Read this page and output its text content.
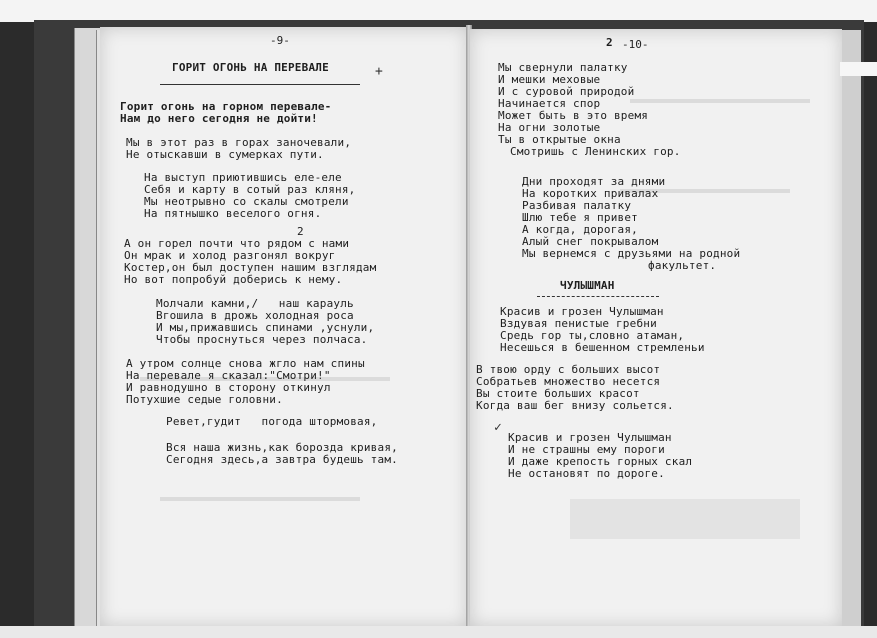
-9-
+
ГОРИТ ОГОНЬ НА ПЕРЕВАЛЕ
Горит огонь на горном перевале-
Нам до него сегодня не дойти!
Мы в этот раз в горах заночевали,
Не отыскавши в сумерках пути.
На выступ приютившись еле-еле
Себя и карту в сотый раз кляня,
Мы неотрывно со скалы смотрели
На пятнышко веселого огня.
2
А он горел почти что рядом с нами
Он мрак и холод разгонял вокруг
Костер,он был доступен нашим взглядам
Но вот попробуй доберись к нему.
Молчали камни,/   наш карауль
Вгошила в дрожь холодная роса
И мы,прижавшись спинами ,уснули,
Чтобы проснуться через полчаса.
А утром солнце снова жгло нам спины
На перевале я сказал:"Смотри!"
И равнодушно в сторону откинул
Потухшие седые головни.
Ревет,гудит   погода штормовая,
Вся наша жизнь,как борозда кривая,
Сегодня здесь,а завтра будешь там.
2 -10-
Мы свернули палатку
И мешки меховые
И с суровой природой
Начинается спор
Может быть в это время
На огни золотые
Ты в открытые окна
Смотришь с Ленинских гор.
Дни проходят за днями
На коротких привалах
Разбивая палатку
Шлю тебе я привет
А когда, дорогая,
Алый снег покрывалом
Мы вернемся с друзьями на родной
факультет.
ЧУЛЫШМАН
Красив и грозен Чулышман
Вздувая пенистые гребни
Средь гор ты,словно атаман,
Несешься в бешенном стремленьи
В твою орду с больших высот
Собратьев множество несется
Вы стоите больших красот
Когда ваш бег внизу сольется.
✓
Красив и грозен Чулышман
И не страшны ему пороги
И даже крепость горных скал
Не остановят по дороге.
